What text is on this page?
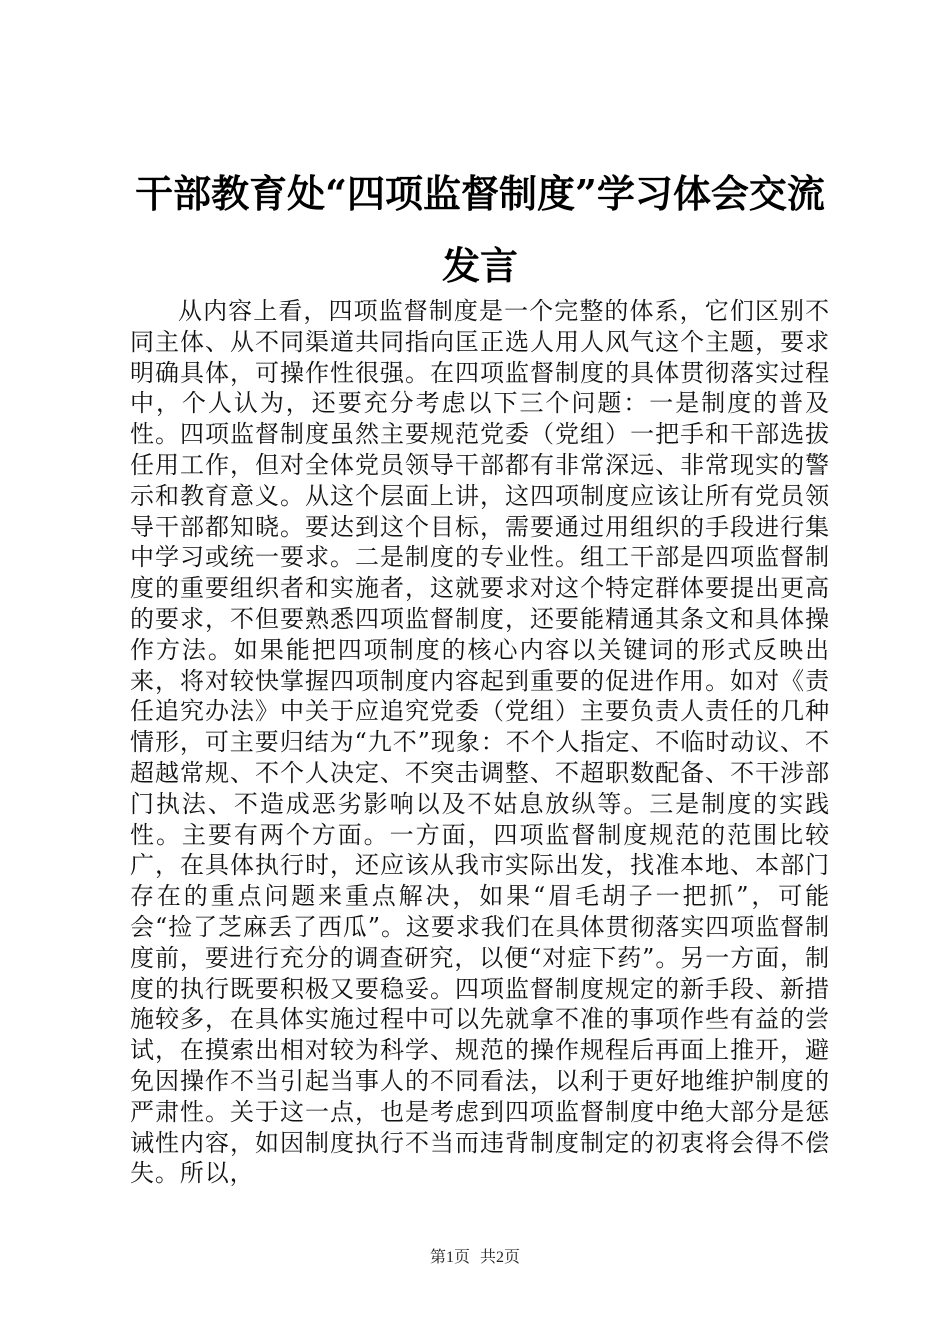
干部教育处“四项监督制度”学习体会交流发言

从内容上看，四项监督制度是一个完整的体系，它们区别不同主体、从不同渠道共同指向匡正选人用人风气这个主题，要求明确具体，可操作性很强。在四项监督制度的具体贯彻落实过程中，个人认为，还要充分考虑以下三个问题：一是制度的普及性。四项监督制度虽然主要规范党委（党组）一把手和干部选拔任用工作，但对全体党员领导干部都有非常深远、非常现实的警示和教育意义。从这个层面上讲，这四项制度应该让所有党员领导干部都知晓。要达到这个目标，需要通过用组织的手段进行集中学习或统一要求。二是制度的专业性。组工干部是四项监督制度的重要组织者和实施者，这就要求对这个特定群体要提出更高的要求，不但要熟悉四项监督制度，还要能精通其条文和具体操作方法。如果能把四项制度的核心内容以关键词的形式反映出来，将对较快掌握四项制度内容起到重要的促进作用。如对《责任追究办法》中关于应追究党委（党组）主要负责人责任的几种情形，可主要归结为“九不”现象：不个人指定、不临时动议、不超越常规、不个人决定、不突击调整、不超职数配备、不干涉部门执法、不造成恶劣影响以及不姑息放纵等。三是制度的实践性。主要有两个方面。一方面，四项监督制度规范的范围比较广，在具体执行时，还应该从我市实际出发，找准本地、本部门存在的重点问题来重点解决，如果“眉毛胡子一把抓”，可能会“捡了芝麻丢了西瓜”。这要求我们在具体贯彻落实四项监督制度前，要进行充分的调查研究，以便“对症下药”。另一方面，制度的执行既要积极又要稳妥。四项监督制度规定的新手段、新措施较多，在具体实施过程中可以先就拿不准的事项作些有益的尝试，在摸索出相对较为科学、规范的操作规程后再面上推开，避免因操作不当引起当事人的不同看法，以利于更好地维护制度的严肃性。关于这一点，也是考虑到四项监督制度中绝大部分是惩诫性内容，如因制度执行不当而违背制度制定的初衷将会得不偿失。所以，

第1页 共2页
